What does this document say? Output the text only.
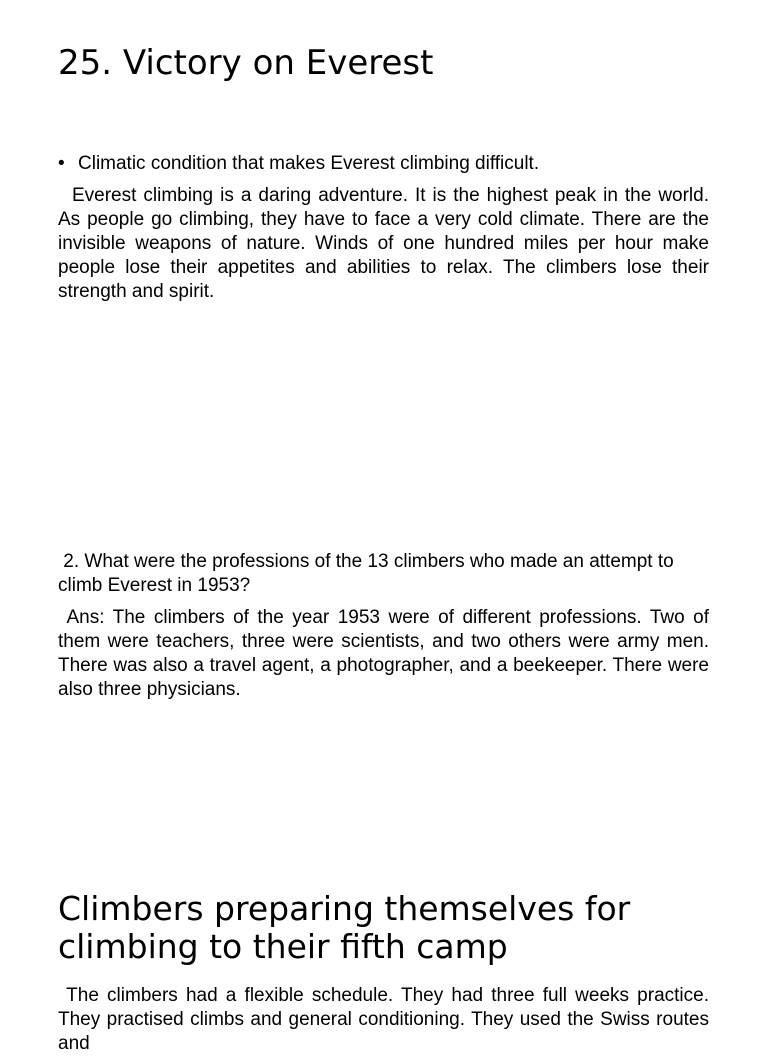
25. Victory on Everest
• Climatic condition that makes Everest climbing difficult.

Everest climbing is a daring adventure. It is the highest peak in the world. As people go climbing, they have to face a very cold climate. There are the invisible weapons of nature. Winds of one hundred miles per hour make people lose their appetites and abilities to relax. The climbers lose their strength and spirit.

2. What were the professions of the 13 climbers who made an attempt to climb Everest in 1953?

Ans: The climbers of the year 1953 were of different professions. Two of them were teachers, three were scientists, and two others were army men. There was also a travel agent, a photographer, and a beekeeper. There were also three physicians.

Climbers preparing themselves for climbing to their fifth camp

The climbers had a flexible schedule. They had three full weeks practice. They practised climbs and general conditioning. They used the Swiss routes and
